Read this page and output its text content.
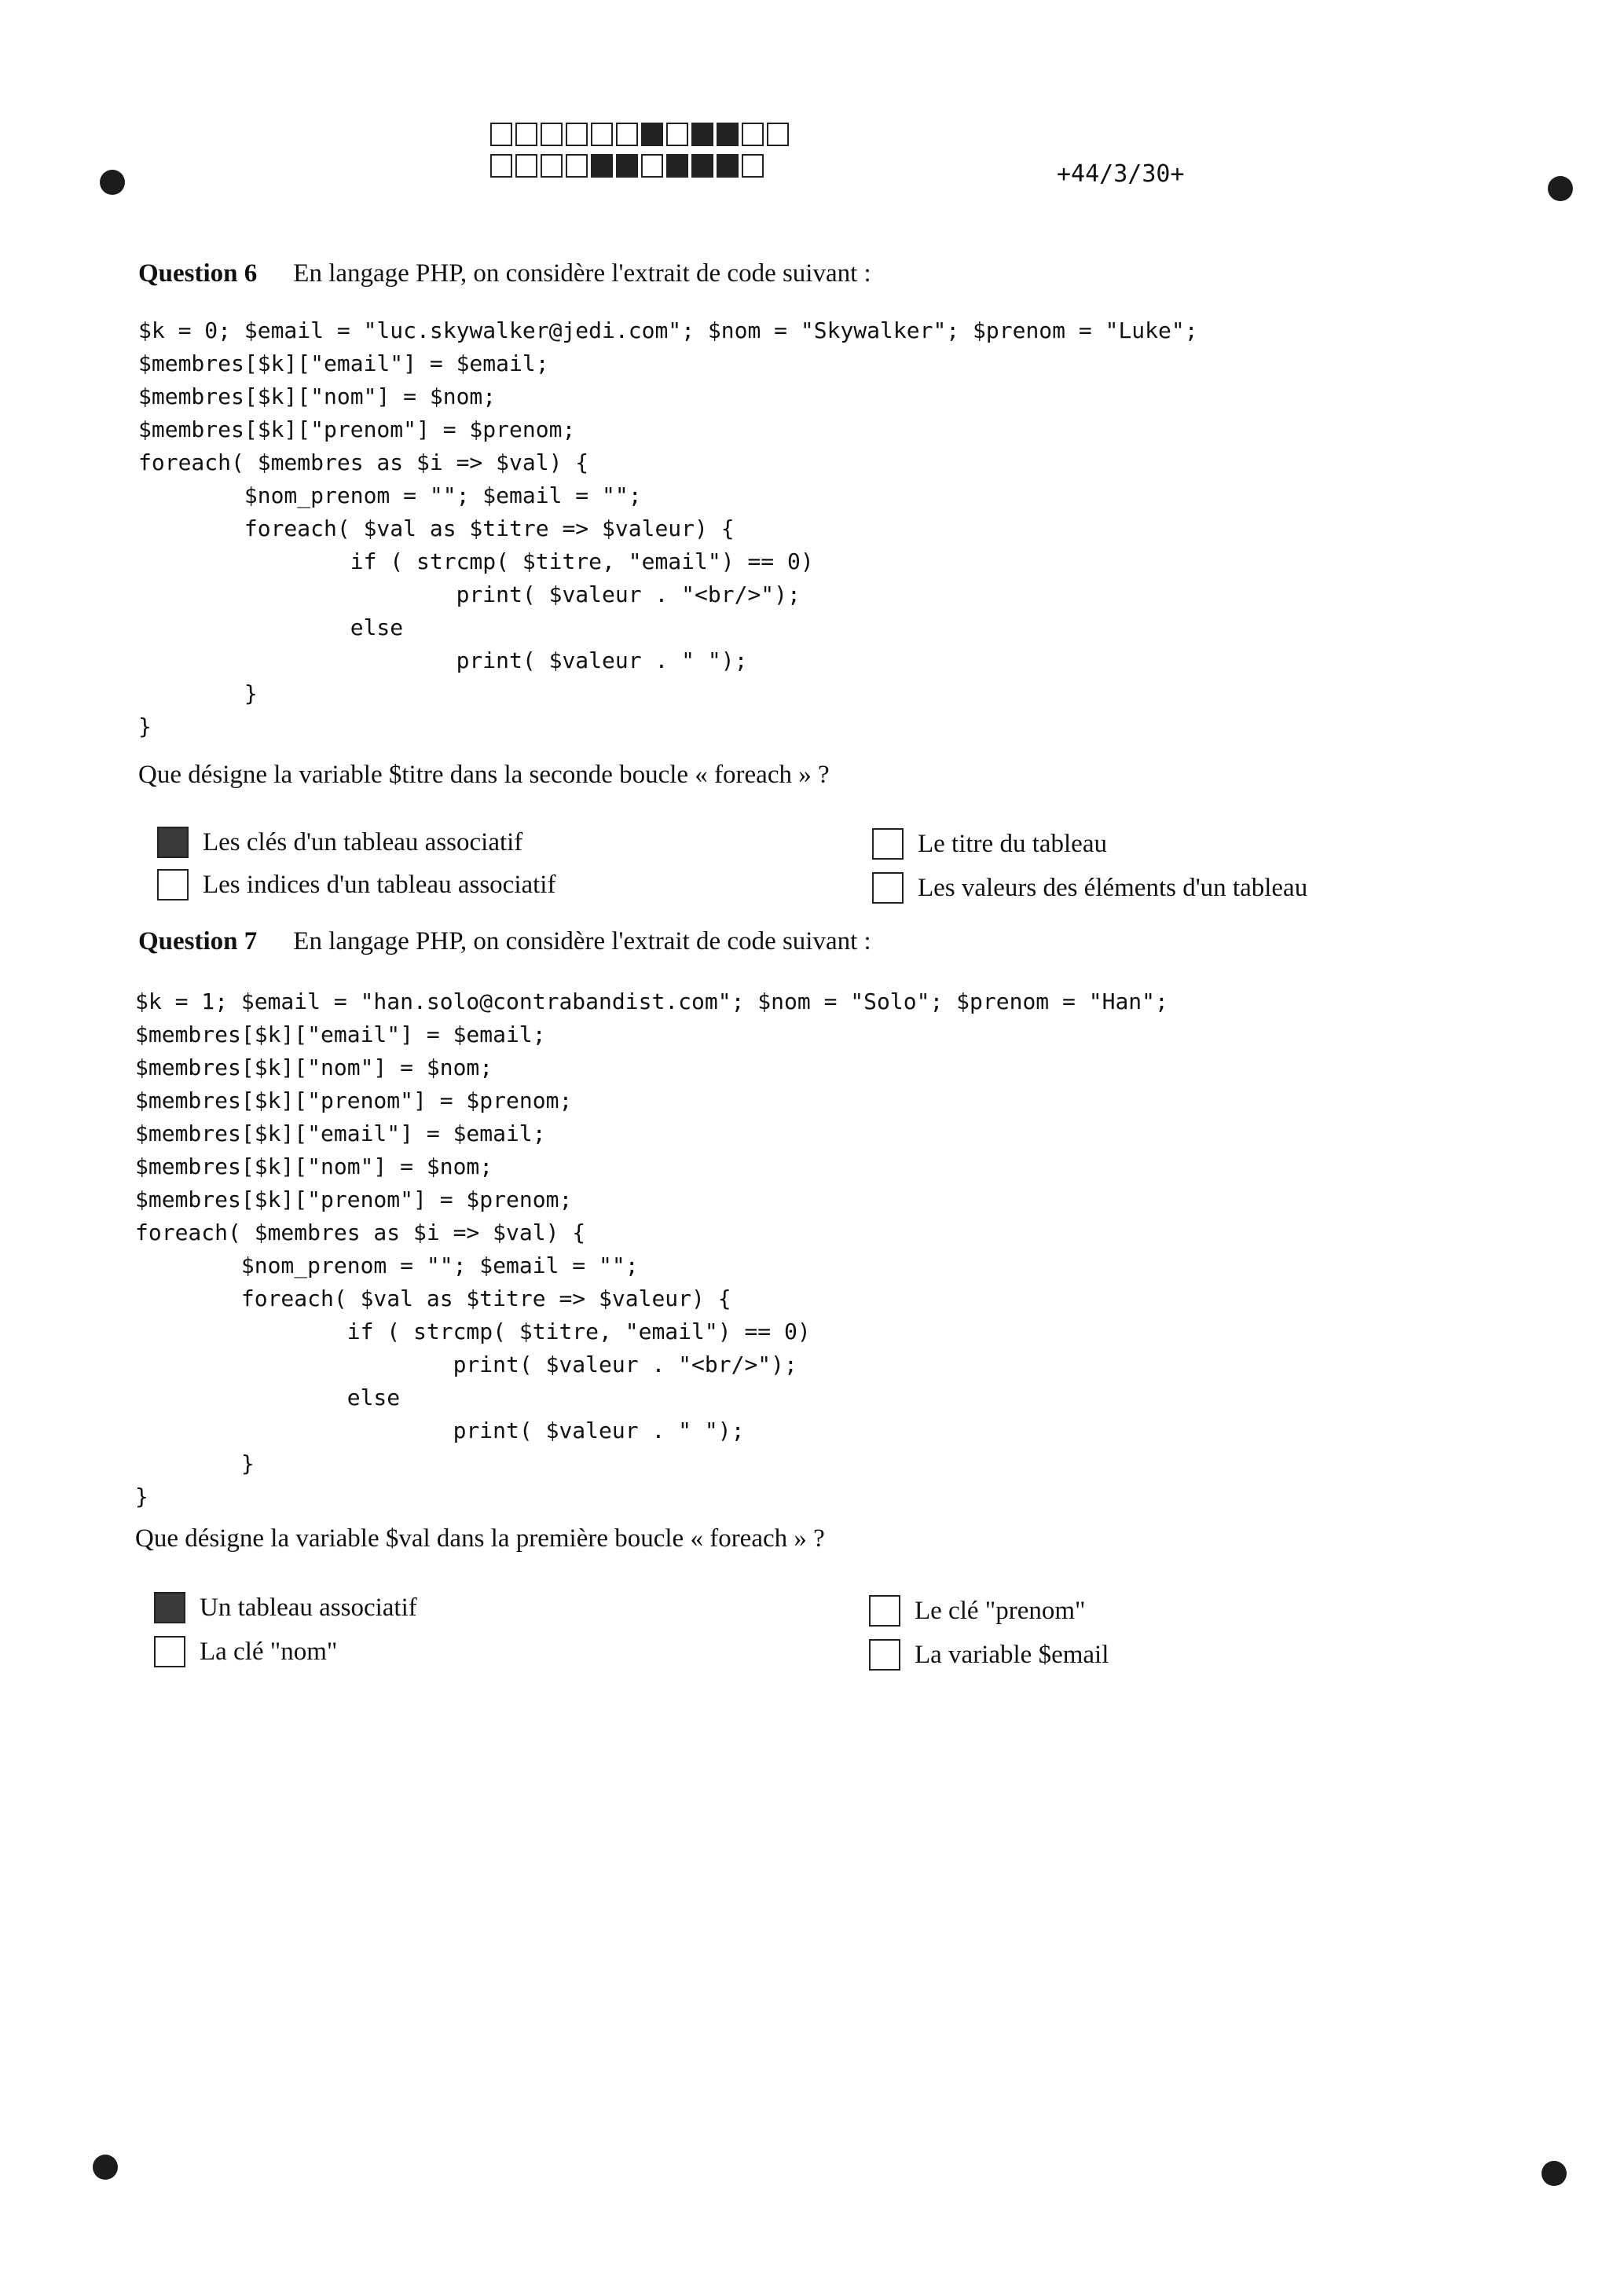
+44/3/30+
Question 6 En langage PHP, on considère l'extrait de code suivant :
$k = 0; $email = "luc.skywalker@jedi.com"; $nom = "Skywalker"; $prenom = "Luke";
$membres[$k]["email"] = $email;
$membres[$k]["nom"] = $nom;
$membres[$k]["prenom"] = $prenom;
foreach( $membres as $i => $val) {
$nom_prenom = ""; $email = "";
foreach( $val as $titre => $valeur) {
if ( strcmp( $titre, "email") == 0)
print( $valeur . "<br/>");
else
print( $valeur . " ");
}
}
Que désigne la variable $titre dans la seconde boucle « foreach » ?
Les clés d'un tableau associatif	Le titre du tableau
Les indices d'un tableau associatif	Les valeurs des éléments d'un tableau
Question 7 En langage PHP, on considère l'extrait de code suivant :
$k = 1; $email = "han.solo@contrabandist.com"; $nom = "Solo"; $prenom = "Han";
$membres[$k]["email"] = $email;
$membres[$k]["nom"] = $nom;
$membres[$k]["prenom"] = $prenom;
$membres[$k]["email"] = $email;
$membres[$k]["nom"] = $nom;
$membres[$k]["prenom"] = $prenom;
foreach( $membres as $i => $val) {
$nom_prenom = ""; $email = "";
foreach( $val as $titre => $valeur) {
if ( strcmp( $titre, "email") == 0)
print( $valeur . "<br/>");
else
print( $valeur . " ");
}
}
Que désigne la variable $val dans la première boucle « foreach » ?
Un tableau associatif	Le clé "prenom"
La clé "nom"	La variable $email
